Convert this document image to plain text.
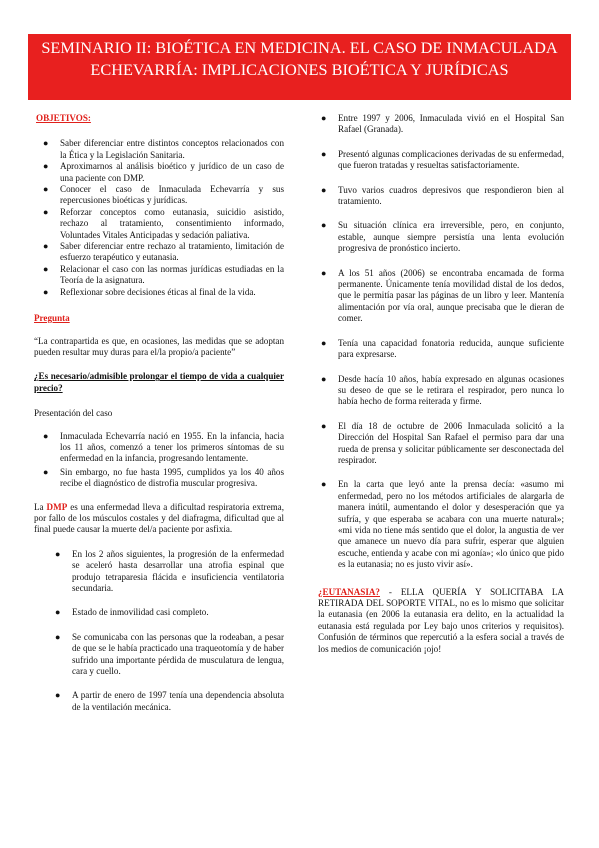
SEMINARIO II: BIOÉTICA EN MEDICINA. EL CASO DE INMACULADA ECHEVARRÍA: IMPLICACIONES BIOÉTICA Y JURÍDICAS
OBJETIVOS:
● Saber diferenciar entre distintos conceptos relacionados con la Ética y la Legislación Sanitaria.
● Aproximarnos al análisis bioético y jurídico de un caso de una paciente con DMP.
● Conocer el caso de Inmaculada Echevarría y sus repercusiones bioéticas y jurídicas.
● Reforzar conceptos como eutanasia, suicidio asistido, rechazo al tratamiento, consentimiento informado, Voluntades Vitales Anticipadas y sedación paliativa.
● Saber diferenciar entre rechazo al tratamiento, limitación de esfuerzo terapéutico y eutanasia.
● Relacionar el caso con las normas jurídicas estudiadas en la Teoría de la asignatura.
● Reflexionar sobre decisiones éticas al final de la vida.
Pregunta

“La contrapartida es que, en ocasiones, las medidas que se adoptan pueden resultar muy duras para el/la propio/a paciente”

¿Es necesario/admisible prolongar el tiempo de vida a cualquier precio?

Presentación del caso
● Inmaculada Echevarría nació en 1955. En la infancia, hacia los 11 años, comenzó a tener los primeros síntomas de su enfermedad en la infancia, progresando lentamente.
● Sin embargo, no fue hasta 1995, cumplidos ya los 40 años recibe el diagnóstico de distrofia muscular progresiva.

La DMP es una enfermedad lleva a dificultad respiratoria extrema, por fallo de los músculos costales y del diafragma, dificultad que al final puede causar la muerte del/a paciente por asfixia.

● En los 2 años siguientes, la progresión de la enfermedad se aceleró hasta desarrollar una atrofia espinal que produjo tetraparesia flácida e insuficiencia ventilatoria secundaria.
● Estado de inmovilidad casi completo.
● Se comunicaba con las personas que la rodeaban, a pesar de que se le había practicado una traqueotomía y de haber sufrido una importante pérdida de musculatura de lengua, cara y cuello.
● A partir de enero de 1997 tenía una dependencia absoluta de la ventilación mecánica.
● Entre 1997 y 2006, Inmaculada vivió en el Hospital San Rafael (Granada).
● Presentó algunas complicaciones derivadas de su enfermedad, que fueron tratadas y resueltas satisfactoriamente.
● Tuvo varios cuadros depresivos que respondieron bien al tratamiento.
● Su situación clínica era irreversible, pero, en conjunto, estable, aunque siempre persistía una lenta evolución progresiva de pronóstico incierto.
● A los 51 años (2006) se encontraba encamada de forma permanente. Únicamente tenía movilidad distal de los dedos, que le permitía pasar las páginas de un libro y leer. Mantenía alimentación por vía oral, aunque precisaba que le dieran de comer.
● Tenía una capacidad fonatoria reducida, aunque suficiente para expresarse.
● Desde hacía 10 años, había expresado en algunas ocasiones su deseo de que se le retirara el respirador, pero nunca lo había hecho de forma reiterada y firme.
● El día 18 de octubre de 2006 Inmaculada solicitó a la Dirección del Hospital San Rafael el permiso para dar una rueda de prensa y solicitar públicamente ser desconectada del respirador.
● En la carta que leyó ante la prensa decía: «asumo mi enfermedad, pero no los métodos artificiales de alargarla de manera inútil, aumentando el dolor y desesperación que ya sufría, y que esperaba se acabara con una muerte natural»; «mi vida no tiene más sentido que el dolor, la angustia de ver que amanece un nuevo día para sufrir, esperar que alguien escuche, entienda y acabe con mi agonía»; «lo único que pido es la eutanasia; no es justo vivir así».

¿EUTANASIA? - ELLA QUERÍA Y SOLICITABA LA RETIRADA DEL SOPORTE VITAL, no es lo mismo que solicitar la eutanasia (en 2006 la eutanasia era delito, en la actualidad la eutanasia está regulada por Ley bajo unos criterios y requisitos). Confusión de términos que repercutió a la esfera social a través de los medios de comunicación ¡ojo!
